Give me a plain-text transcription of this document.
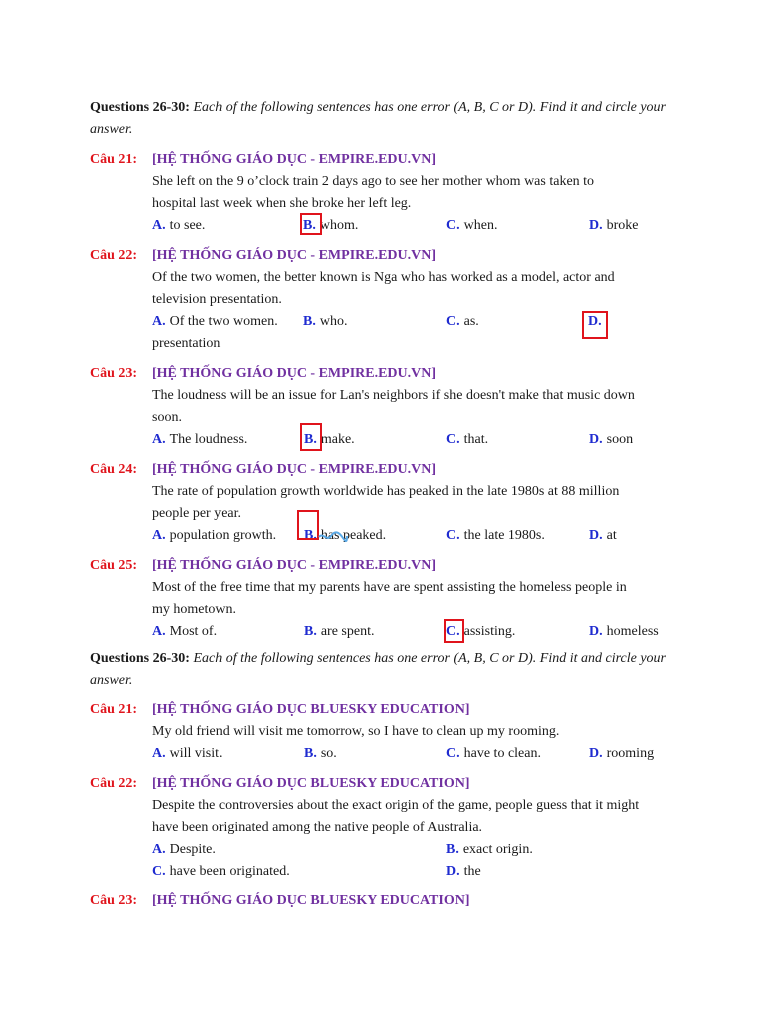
Questions 26-30: Each of the following sentences has one error (A, B, C or D). Find it and circle your
answer.
Câu 21: [HỆ THỐNG GIÁO DỤC - EMPIRE.EDU.VN]
She left on the 9 o’clock train 2 days ago to see her mother whom was taken to
hospital last week when she broke her left leg.
A. to see.	B. whom.	C. when.	D. broke
Câu 22: [HỆ THỐNG GIÁO DỤC - EMPIRE.EDU.VN]
Of the two women, the better known is Nga who has worked as a model, actor and
television presentation.
A. Of the two women. B. who.	C. as.	D.
presentation
Câu 23: [HỆ THỐNG GIÁO DỤC - EMPIRE.EDU.VN]
The loudness will be an issue for Lan's neighbors if she doesn't make that music down
soon.
A. The loudness.	B. make.	C. that.	D. soon
Câu 24: [HỆ THỐNG GIÁO DỤC - EMPIRE.EDU.VN]
The rate of population growth worldwide has peaked in the late 1980s at 88 million
people per year.
A. population growth. B. has peaked.	C. the late 1980s.	D. at
Câu 25: [HỆ THỐNG GIÁO DỤC - EMPIRE.EDU.VN]
Most of the free time that my parents have are spent assisting the homeless people in
my hometown.
A. Most of.	B. are spent.	C. assisting.	D. homeless
Questions 26-30: Each of the following sentences has one error (A, B, C or D). Find it and circle your
answer.
Câu 21: [HỆ THỐNG GIÁO DỤC BLUESKY EDUCATION]
My old friend will visit me tomorrow, so I have to clean up my rooming.
A. will visit.	B. so.	C. have to clean.	D. rooming
Câu 22: [HỆ THỐNG GIÁO DỤC BLUESKY EDUCATION]
Despite the controversies about the exact origin of the game, people guess that it might
have been originated among the native people of Australia.
A. Despite.	B. exact origin.
C. have been originated.	D. the
Câu 23: [HỆ THỐNG GIÁO DỤC BLUESKY EDUCATION]
